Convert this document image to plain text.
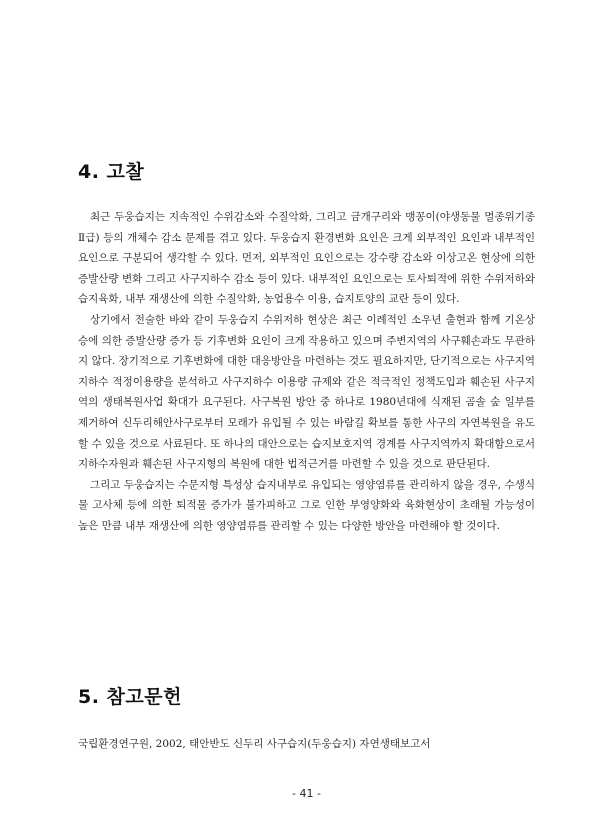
4. 고찰

최근 두웅습지는 지속적인 수위감소와 수질악화, 그리고 금개구리와 맹꽁이(야생동물 멸종위기종 Ⅱ급) 등의 개체수 감소 문제를 겪고 있다. 두웅습지 환경변화 요인은 크게 외부적인 요인과 내부적인 요인으로 구분되어 생각할 수 있다. 먼저, 외부적인 요인으로는 강수량 감소와 이상고온 현상에 의한 증발산량 변화 그리고 사구지하수 감소 등이 있다. 내부적인 요인으로는 토사퇴적에 위한 수위저하와 습지육화, 내부 재생산에 의한 수질악화, 농업용수 이용, 습지토양의 교란 등이 있다.

상기에서 전술한 바와 같이 두웅습지 수위저하 현상은 최근 이례적인 소우년 출현과 함께 기온상승에 의한 증발산량 증가 등 기후변화 요인이 크게 작용하고 있으며 주변지역의 사구훼손과도 무관하지 않다. 장기적으로 기후변화에 대한 대응방안을 마련하는 것도 필요하지만, 단기적으로는 사구지역 지하수 적정이용량을 분석하고 사구지하수 이용량 규제와 같은 적극적인 정책도입과 훼손된 사구지역의 생태복원사업 확대가 요구된다. 사구복원 방안 중 하나로 1980년대에 식재된 곰솔 숲 일부를 제거하여 신두리해안사구로부터 모래가 유입될 수 있는 바람길 확보를 통한 사구의 자연복원을 유도할 수 있을 것으로 사료된다. 또 하나의 대안으로는 습지보호지역 경계를 사구지역까지 확대함으로서 지하수자원과 훼손된 사구지형의 복원에 대한 법적근거를 마련할 수 있을 것으로 판단된다.

그리고 두웅습지는 수문지형 특성상 습지내부로 유입되는 영양염류를 관리하지 않을 경우, 수생식물 고사체 등에 의한 퇴적물 증가가 불가피하고 그로 인한 부영양화와 육화현상이 초래될 가능성이 높은 만큼 내부 재생산에 의한 영양염류를 관리할 수 있는 다양한 방안을 마련해야 할 것이다.

5. 참고문헌
국립환경연구원, 2002, 태안반도 신두리 사구습지(두웅습지) 자연생태보고서
- 41 -
